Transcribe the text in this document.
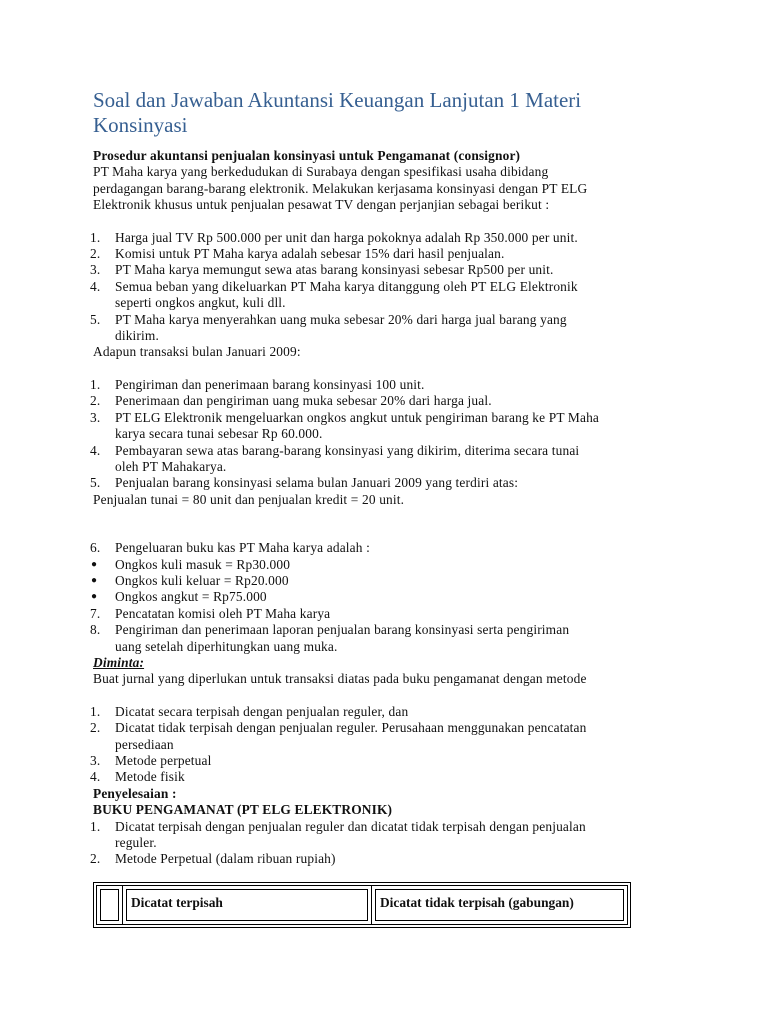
Soal dan Jawaban Akuntansi Keuangan Lanjutan 1 Materi Konsinyasi
Prosedur akuntansi penjualan konsinyasi untuk Pengamanat (consignor)
PT Maha karya yang berkedudukan di Surabaya dengan spesifikasi usaha dibidang
perdagangan barang-barang elektronik. Melakukan kerjasama konsinyasi dengan PT ELG
Elektronik khusus untuk penjualan pesawat TV dengan perjanjian sebagai berikut :
1. Harga jual TV Rp 500.000 per unit dan harga pokoknya adalah Rp 350.000 per unit.
2. Komisi untuk PT Maha karya adalah sebesar 15% dari hasil penjualan.
3. PT Maha karya memungut sewa atas barang konsinyasi sebesar Rp500 per unit.
4. Semua beban yang dikeluarkan PT Maha karya ditanggung oleh PT ELG Elektronik
seperti ongkos angkut, kuli dll.
5. PT Maha karya menyerahkan uang muka sebesar 20% dari harga jual barang yang
dikirim.
Adapun transaksi bulan Januari 2009:
1. Pengiriman dan penerimaan barang konsinyasi 100 unit.
2. Penerimaan dan pengiriman uang muka sebesar 20% dari harga jual.
3. PT ELG Elektronik mengeluarkan ongkos angkut untuk pengiriman barang ke PT Maha
karya secara tunai sebesar Rp 60.000.
4. Pembayaran sewa atas barang-barang konsinyasi yang dikirim, diterima secara tunai
oleh PT Mahakarya.
5. Penjualan barang konsinyasi selama bulan Januari 2009 yang terdiri atas:
Penjualan tunai = 80 unit dan penjualan kredit = 20 unit.
6. Pengeluaran buku kas PT Maha karya adalah :
● Ongkos kuli masuk = Rp30.000
● Ongkos kuli keluar = Rp20.000
● Ongkos angkut = Rp75.000
7. Pencatatan komisi oleh PT Maha karya
8. Pengiriman dan penerimaan laporan penjualan barang konsinyasi serta pengiriman
uang setelah diperhitungkan uang muka.
Diminta:
Buat jurnal yang diperlukan untuk transaksi diatas pada buku pengamanat dengan metode
1. Dicatat secara terpisah dengan penjualan reguler, dan
2. Dicatat tidak terpisah dengan penjualan reguler. Perusahaan menggunakan pencatatan
persediaan
3. Metode perpetual
4. Metode fisik
Penyelesaian :
BUKU PENGAMANAT (PT ELG ELEKTRONIK)
1. Dicatat terpisah dengan penjualan reguler dan dicatat tidak terpisah dengan penjualan
reguler.
2. Metode Perpetual (dalam ribuan rupiah)
Dicatat terpisah	Dicatat tidak terpisah (gabungan)
